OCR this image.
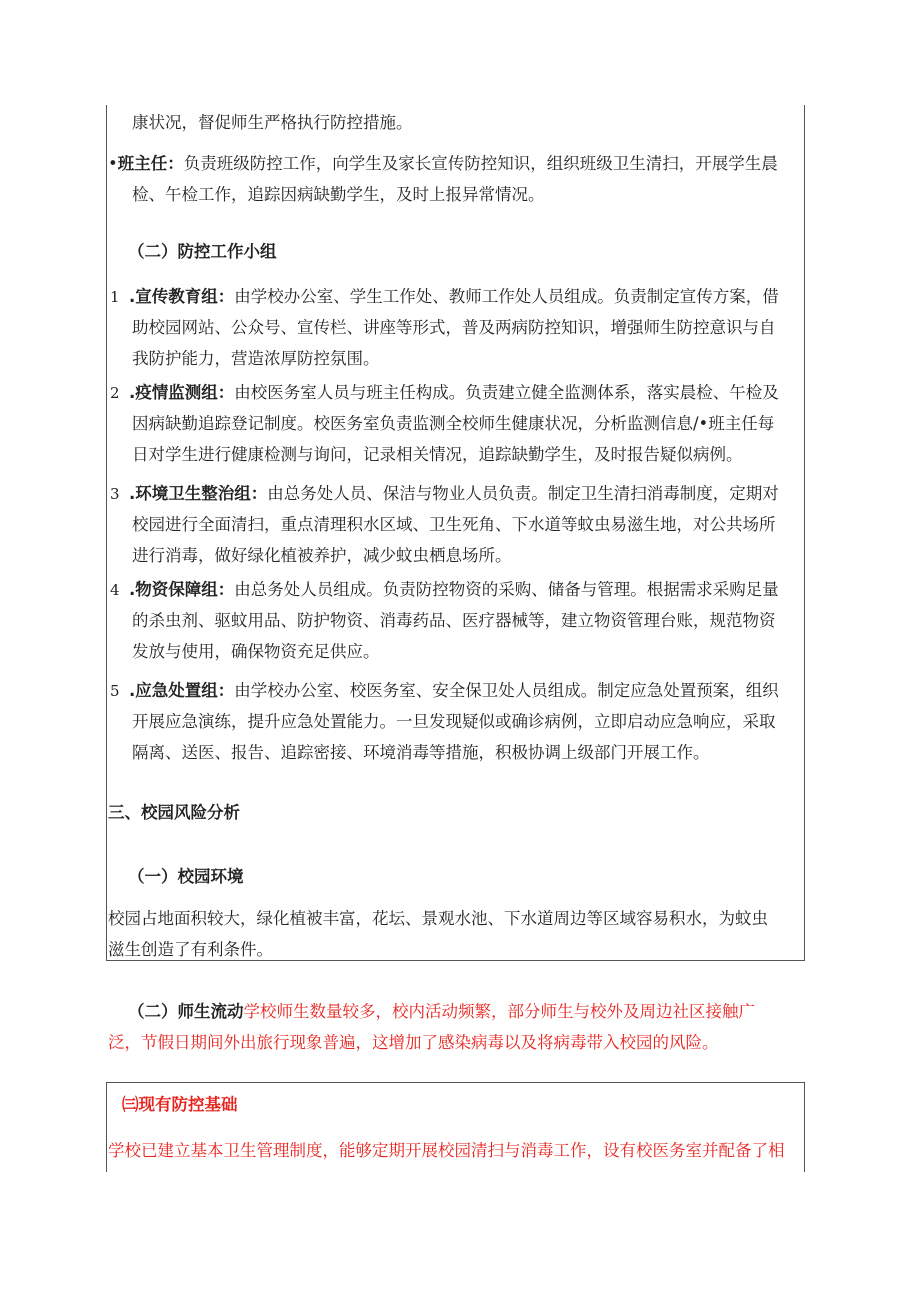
康状况，督促师生严格执行防控措施。

•班主任：负责班级防控工作，向学生及家长宣传防控知识，组织班级卫生清扫，开展学生晨

检、午检工作，追踪因病缺勤学生，及时上报异常情况。

（二）防控工作小组

1 .宣传教育组：由学校办公室、学生工作处、教师工作处人员组成。负责制定宣传方案，借

助校园网站、公众号、宣传栏、讲座等形式，普及两病防控知识，增强师生防控意识与自

我防护能力，营造浓厚防控氛围。

2 .疫情监测组：由校医务室人员与班主任构成。负责建立健全监测体系，落实晨检、午检及

因病缺勤追踪登记制度。校医务室负责监测全校师生健康状况，分析监测信息/•班主任每

日对学生进行健康检测与询问，记录相关情况，追踪缺勤学生，及时报告疑似病例。

3 .环境卫生整治组：由总务处人员、保洁与物业人员负责。制定卫生清扫消毒制度，定期对

校园进行全面清扫，重点清理积水区域、卫生死角、下水道等蚊虫易滋生地，对公共场所

进行消毒，做好绿化植被养护，减少蚊虫栖息场所。

4 .物资保障组：由总务处人员组成。负责防控物资的采购、储备与管理。根据需求采购足量

的杀虫剂、驱蚊用品、防护物资、消毒药品、医疗器械等，建立物资管理台账，规范物资

发放与使用，确保物资充足供应。

5 .应急处置组：由学校办公室、校医务室、安全保卫处人员组成。制定应急处置预案，组织

开展应急演练，提升应急处置能力。一旦发现疑似或确诊病例，立即启动应急响应，采取

隔离、送医、报告、追踪密接、环境消毒等措施，积极协调上级部门开展工作。

三、校园风险分析

（一）校园环境

校园占地面积较大，绿化植被丰富，花坛、景观水池、下水道周边等区域容易积水，为蚊虫

滋生创造了有利条件。

（二）师生流动学校师生数量较多，校内活动频繁，部分师生与校外及周边社区接触广

泛，节假日期间外出旅行现象普遍，这增加了感染病毒以及将病毒带入校园的风险。

㈢现有防控基础

学校已建立基本卫生管理制度，能够定期开展校园清扫与消毒工作，设有校医务室并配备了相
